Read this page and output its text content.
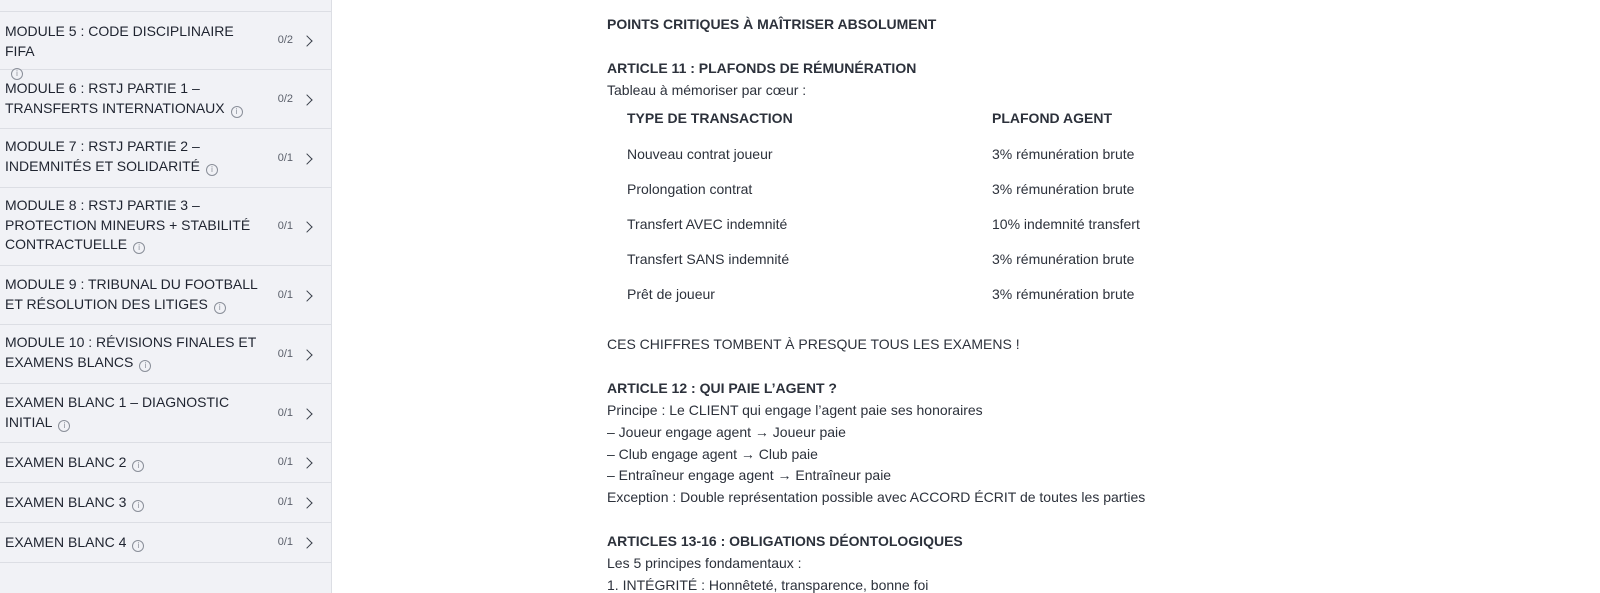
MODULE 5 : CODE DISCIPLINAIRE FIFA
i
0/2
MODULE 6 : RSTJ PARTIE 1 – TRANSFERTS INTERNATIONAUX i
0/2
MODULE 7 : RSTJ PARTIE 2 – INDEMNITÉS ET SOLIDARITÉ i
0/1
MODULE 8 : RSTJ PARTIE 3 – PROTECTION MINEURS + STABILITÉ CONTRACTUELLE i
0/1
MODULE 9 : TRIBUNAL DU FOOTBALL ET RÉSOLUTION DES LITIGES i
0/1
MODULE 10 : RÉVISIONS FINALES ET EXAMENS BLANCS i
0/1
EXAMEN BLANC 1 – DIAGNOSTIC INITIAL i
0/1
EXAMEN BLANC 2 i	0/1
EXAMEN BLANC 3 i	0/1
EXAMEN BLANC 4 i	0/1
POINTS CRITIQUES À MAÎTRISER ABSOLUMENT
ARTICLE 11 : PLAFONDS DE RÉMUNÉRATION
Tableau à mémoriser par cœur :
TYPE DE TRANSACTION	PLAFOND AGENT
Nouveau contrat joueur	3% rémunération brute
Prolongation contrat	3% rémunération brute
Transfert AVEC indemnité	10% indemnité transfert
Transfert SANS indemnité	3% rémunération brute
Prêt de joueur	3% rémunération brute
CES CHIFFRES TOMBENT À PRESQUE TOUS LES EXAMENS !
ARTICLE 12 : QUI PAIE L’AGENT ?
Principe : Le CLIENT qui engage l’agent paie ses honoraires
– Joueur engage agent → Joueur paie
– Club engage agent → Club paie
– Entraîneur engage agent → Entraîneur paie
Exception : Double représentation possible avec ACCORD ÉCRIT de toutes les parties
ARTICLES 13-16 : OBLIGATIONS DÉONTOLOGIQUES
Les 5 principes fondamentaux :
1. INTÉGRITÉ : Honnêteté, transparence, bonne foi
